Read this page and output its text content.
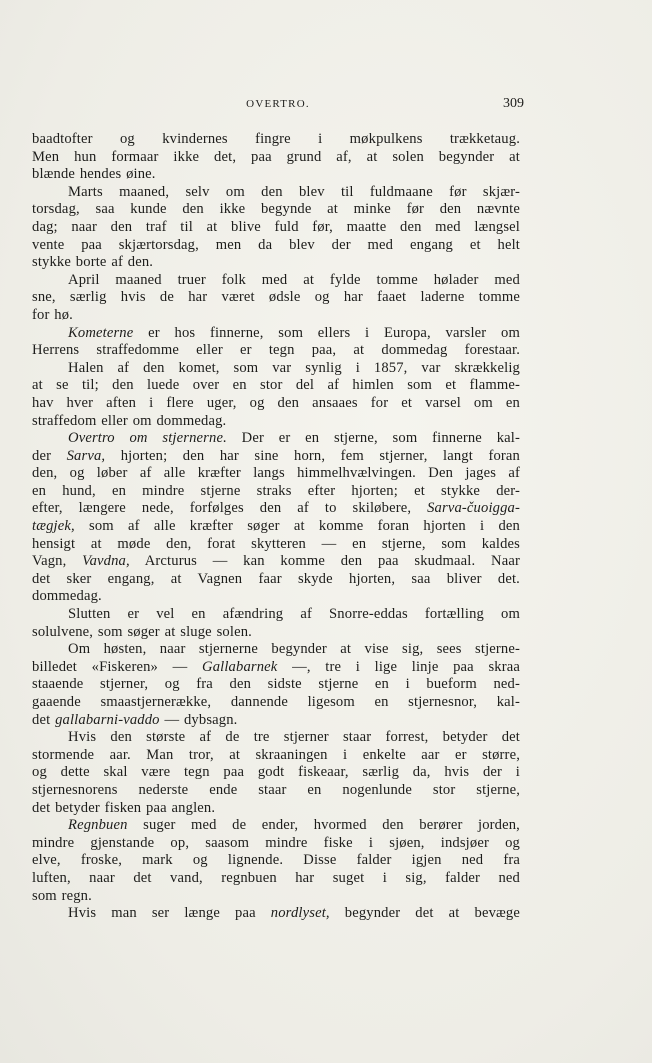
OVERTRO.	309
baadtofter og kvindernes fingre i møkpulkens trækketaug.
Men hun formaar ikke det, paa grund af, at solen begynder at
blænde hendes øine.
Marts maaned, selv om den blev til fuldmaane før skjær-
torsdag, saa kunde den ikke begynde at minke før den nævnte
dag; naar den traf til at blive fuld før, maatte den med længsel
vente paa skjærtorsdag, men da blev der med engang et helt
stykke borte af den.
April maaned truer folk med at fylde tomme hølader med
sne, særlig hvis de har været ødsle og har faaet laderne tomme
for hø.
Kometerne er hos finnerne, som ellers i Europa, varsler om
Herrens straffedomme eller er tegn paa, at dommedag forestaar.
Halen af den komet, som var synlig i 1857, var skrækkelig
at se til; den luede over en stor del af himlen som et flamme-
hav hver aften i flere uger, og den ansaaes for et varsel om en
straffedom eller om dommedag.
Overtro om stjernerne. Der er en stjerne, som finnerne kal-
der Sarva, hjorten; den har sine horn, fem stjerner, langt foran
den, og løber af alle kræfter langs himmelhvælvingen. Den jages af
en hund, en mindre stjerne straks efter hjorten; et stykke der-
efter, længere nede, forfølges den af to skiløbere, Sarva-čuoigga-
tægjek, som af alle kræfter søger at komme foran hjorten i den
hensigt at møde den, forat skytteren — en stjerne, som kaldes
Vagn, Vavdna, Arcturus — kan komme den paa skudmaal. Naar
det sker engang, at Vagnen faar skyde hjorten, saa bliver det.
dommedag.
Slutten er vel en afændring af Snorre-eddas fortælling om
solulvene, som søger at sluge solen.
Om høsten, naar stjernerne begynder at vise sig, sees stjerne-
billedet «Fiskeren» — Gallabarnek —, tre i lige linje paa skraa
staaende stjerner, og fra den sidste stjerne en i bueform ned-
gaaende smaastjernerække, dannende ligesom en stjernesnor, kal-
det gallabarni-vaddo — dybsagn.
Hvis den største af de tre stjerner staar forrest, betyder det
stormende aar. Man tror, at skraaningen i enkelte aar er større,
og dette skal være tegn paa godt fiskeaar, særlig da, hvis der i
stjernesnorens nederste ende staar en nogenlunde stor stjerne,
det betyder fisken paa anglen.
Regnbuen suger med de ender, hvormed den berører jorden,
mindre gjenstande op, saasom mindre fiske i sjøen, indsjøer og
elve, froske, mark og lignende. Disse falder igjen ned fra
luften, naar det vand, regnbuen har suget i sig, falder ned
som regn.
Hvis man ser længe paa nordlyset, begynder det at bevæge
